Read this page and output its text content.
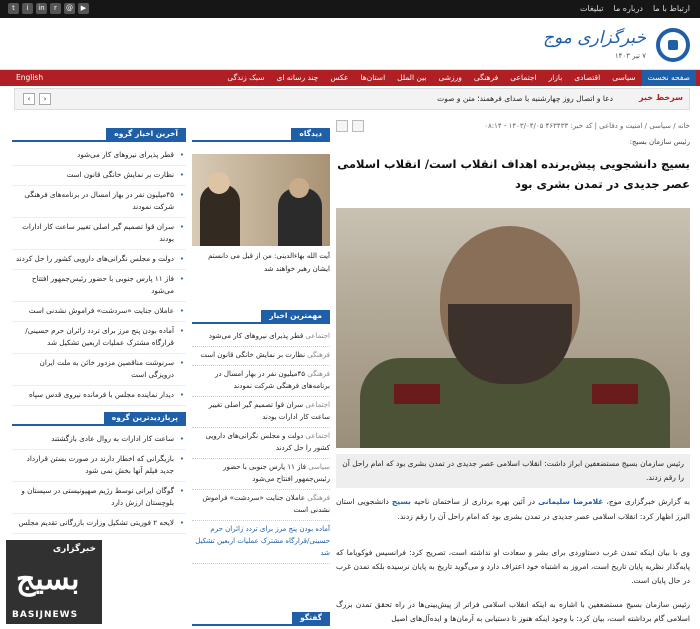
t	i	in	r	@	▶	ارتباط با ما
درباره ما
تبلیغات
خبرگزاری موج
۷ تیر ۱۴۰۳
صفحه نخست
سیاسی
اقتصادی
بازار
اجتماعی
فرهنگی
ورزشی
بین الملل
استان‌ها
عکس
چند رسانه ای
سبک زندگی
English
سرخط خبر
دعا و اتصال روز چهارشنبه با صدای فرهمند؛ متن و صوت
‹	›
خانه / سیاسی / امنیت و دفاعی | کد خبر: ۴۶۳۴۳۳ ۱۴۰۳/۰۴/۰۵ - ۰۸:۱۴
رئیس سازمان بسیج:
بسیج دانشجویی پیش‌برنده اهداف انقلاب است/ انقلاب اسلامی عصر جدیدی در تمدن بشری بود
رئیس سازمان بسیج مستضعفین ابراز داشت: انقلاب اسلامی عصر جدیدی در تمدن بشری بود که امام راحل آن را رقم زدند.
به گزارش خبرگزاری موج، غلامرضا سلیمانی در آئین بهره برداری از ساختمان ناحیه بسیج دانشجویی استان البرز اظهار کرد: انقلاب اسلامی عصر جدیدی در تمدن بشری بود که امام راحل آن را رقم زدند.
وی با بیان اینکه تمدن غرب دستاوردی برای بشر و سعادت او نداشته است، تصریح کرد: فرانسیس فوکویاما که پایه‌گذار نظریه پایان تاریخ است، امروز به اشتباه خود اعتراف دارد و می‌گوید تاریخ به پایان نرسیده بلکه تمدن غرب در حال پایان است.
رئیس سازمان بسیج مستضعفین با اشاره به اینکه انقلاب اسلامی فراتر از پیش‌بینی‌ها در راه تحقق تمدن بزرگ اسلامی گام برداشته است، بیان کرد: با وجود اینکه هنوز تا دستیابی به آرمان‌ها و ایده‌آل‌های اصیل
دیدگاه
آیت الله بهاءالدینی: من از قبل می دانستم ایشان رهبر خواهند شد
مهمترین اخبار
اجتماعی قطر پذیرای نیروهای کار می‌شود
فرهنگی نظارت بر نمایش خانگی قانون است
فرهنگی ۴۵میلیون نفر در بهار امسال در برنامه‌های فرهنگی شرکت نمودند
اجتماعی سران قوا تصمیم گیر اصلی تغییر ساعت کار ادارات بودند
اجتماعی دولت و مجلس نگرانی‌های دارویی کشور را حل کردند
سیاسی فاز ۱۱ پارس جنوبی با حضور رئیس‌جمهور افتتاح می‌شود
فرهنگی عاملان جنایت «سردشت» فراموش نشدنی است
آماده بودن پنج مرز برای تردد زائران حرم حسینی/قرارگاه مشترک عملیات اربعین تشکیل شد
گفتگو
آخرین اخبار گروه
• قطر پذیرای نیروهای کار می‌شود
• نظارت بر نمایش خانگی قانون است
• ۴۵میلیون نفر در بهار امسال در برنامه‌های فرهنگی شرکت نمودند
• سران قوا تصمیم گیر اصلی تغییر ساعت کار ادارات بودند
• دولت و مجلس نگرانی‌های دارویی کشور را حل کردند
• فاز ۱۱ پارس جنوبی با حضور رئیس‌جمهور افتتاح می‌شود
• عاملان جنایت «سردشت» فراموش نشدنی است
• آماده بودن پنج مرز برای تردد زائران حرم حسینی/قرارگاه مشترک عملیات اربعین تشکیل شد
• سرنوشت مناقصین مزدور خائن به ملت ایران درویزگی است
• دیدار نماینده مجلس با فرمانده نیروی قدس سپاه
پربازدیدترین گروه
• ساعت کار ادارات به روال عادی بازگشتند
• بازیگرانی که اخطار دارند در صورت بستن قرارداد جدید فیلم آنها بخش نمی شود
• گوگان ایرانی توسط رژیم صهیونیستی در سیستان و بلوچستان ارزش دارد
• لایحه ۲ فوریتی تشکیل وزارت بازرگانی تقدیم مجلس
خبرگزاری
بسیج
BASIJNEWS
